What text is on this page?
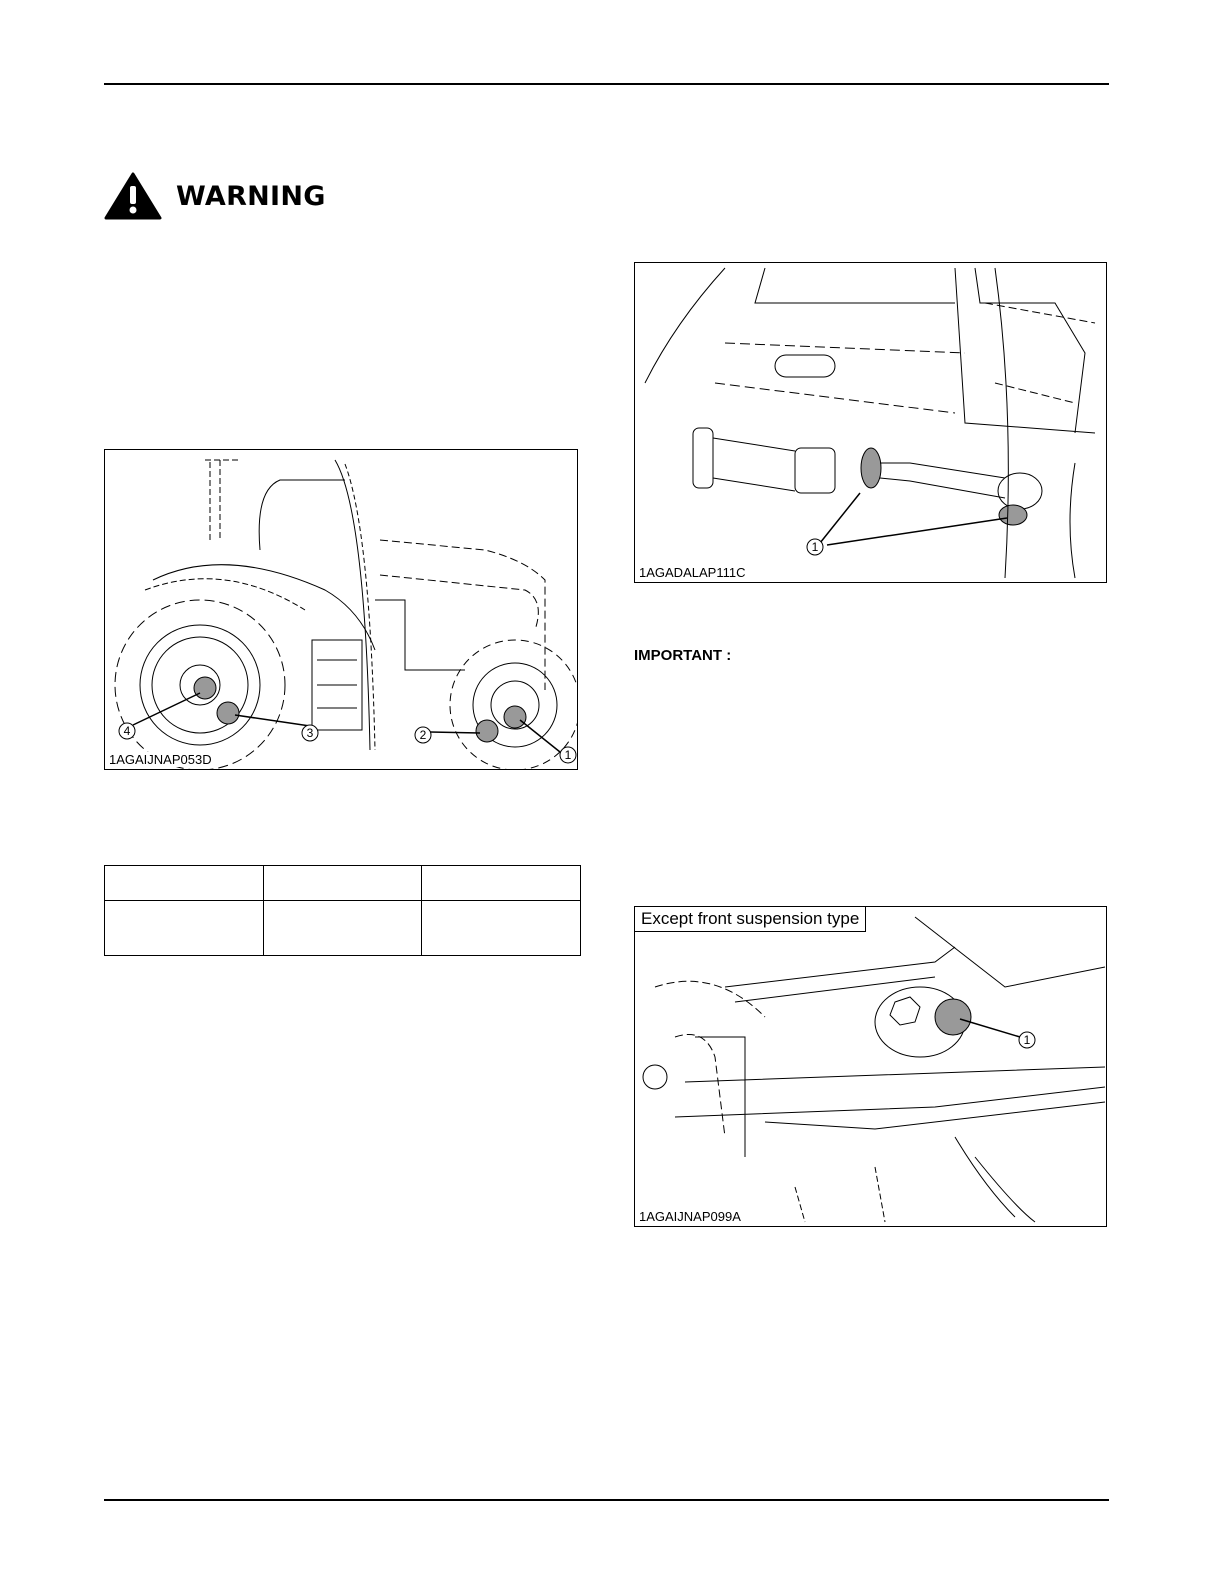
WARNING
4	3	2
1
1AGAIJNAP053D
1
1AGADALAP111C
IMPORTANT :

1
Except front suspension type
1AGAIJNAP099A
